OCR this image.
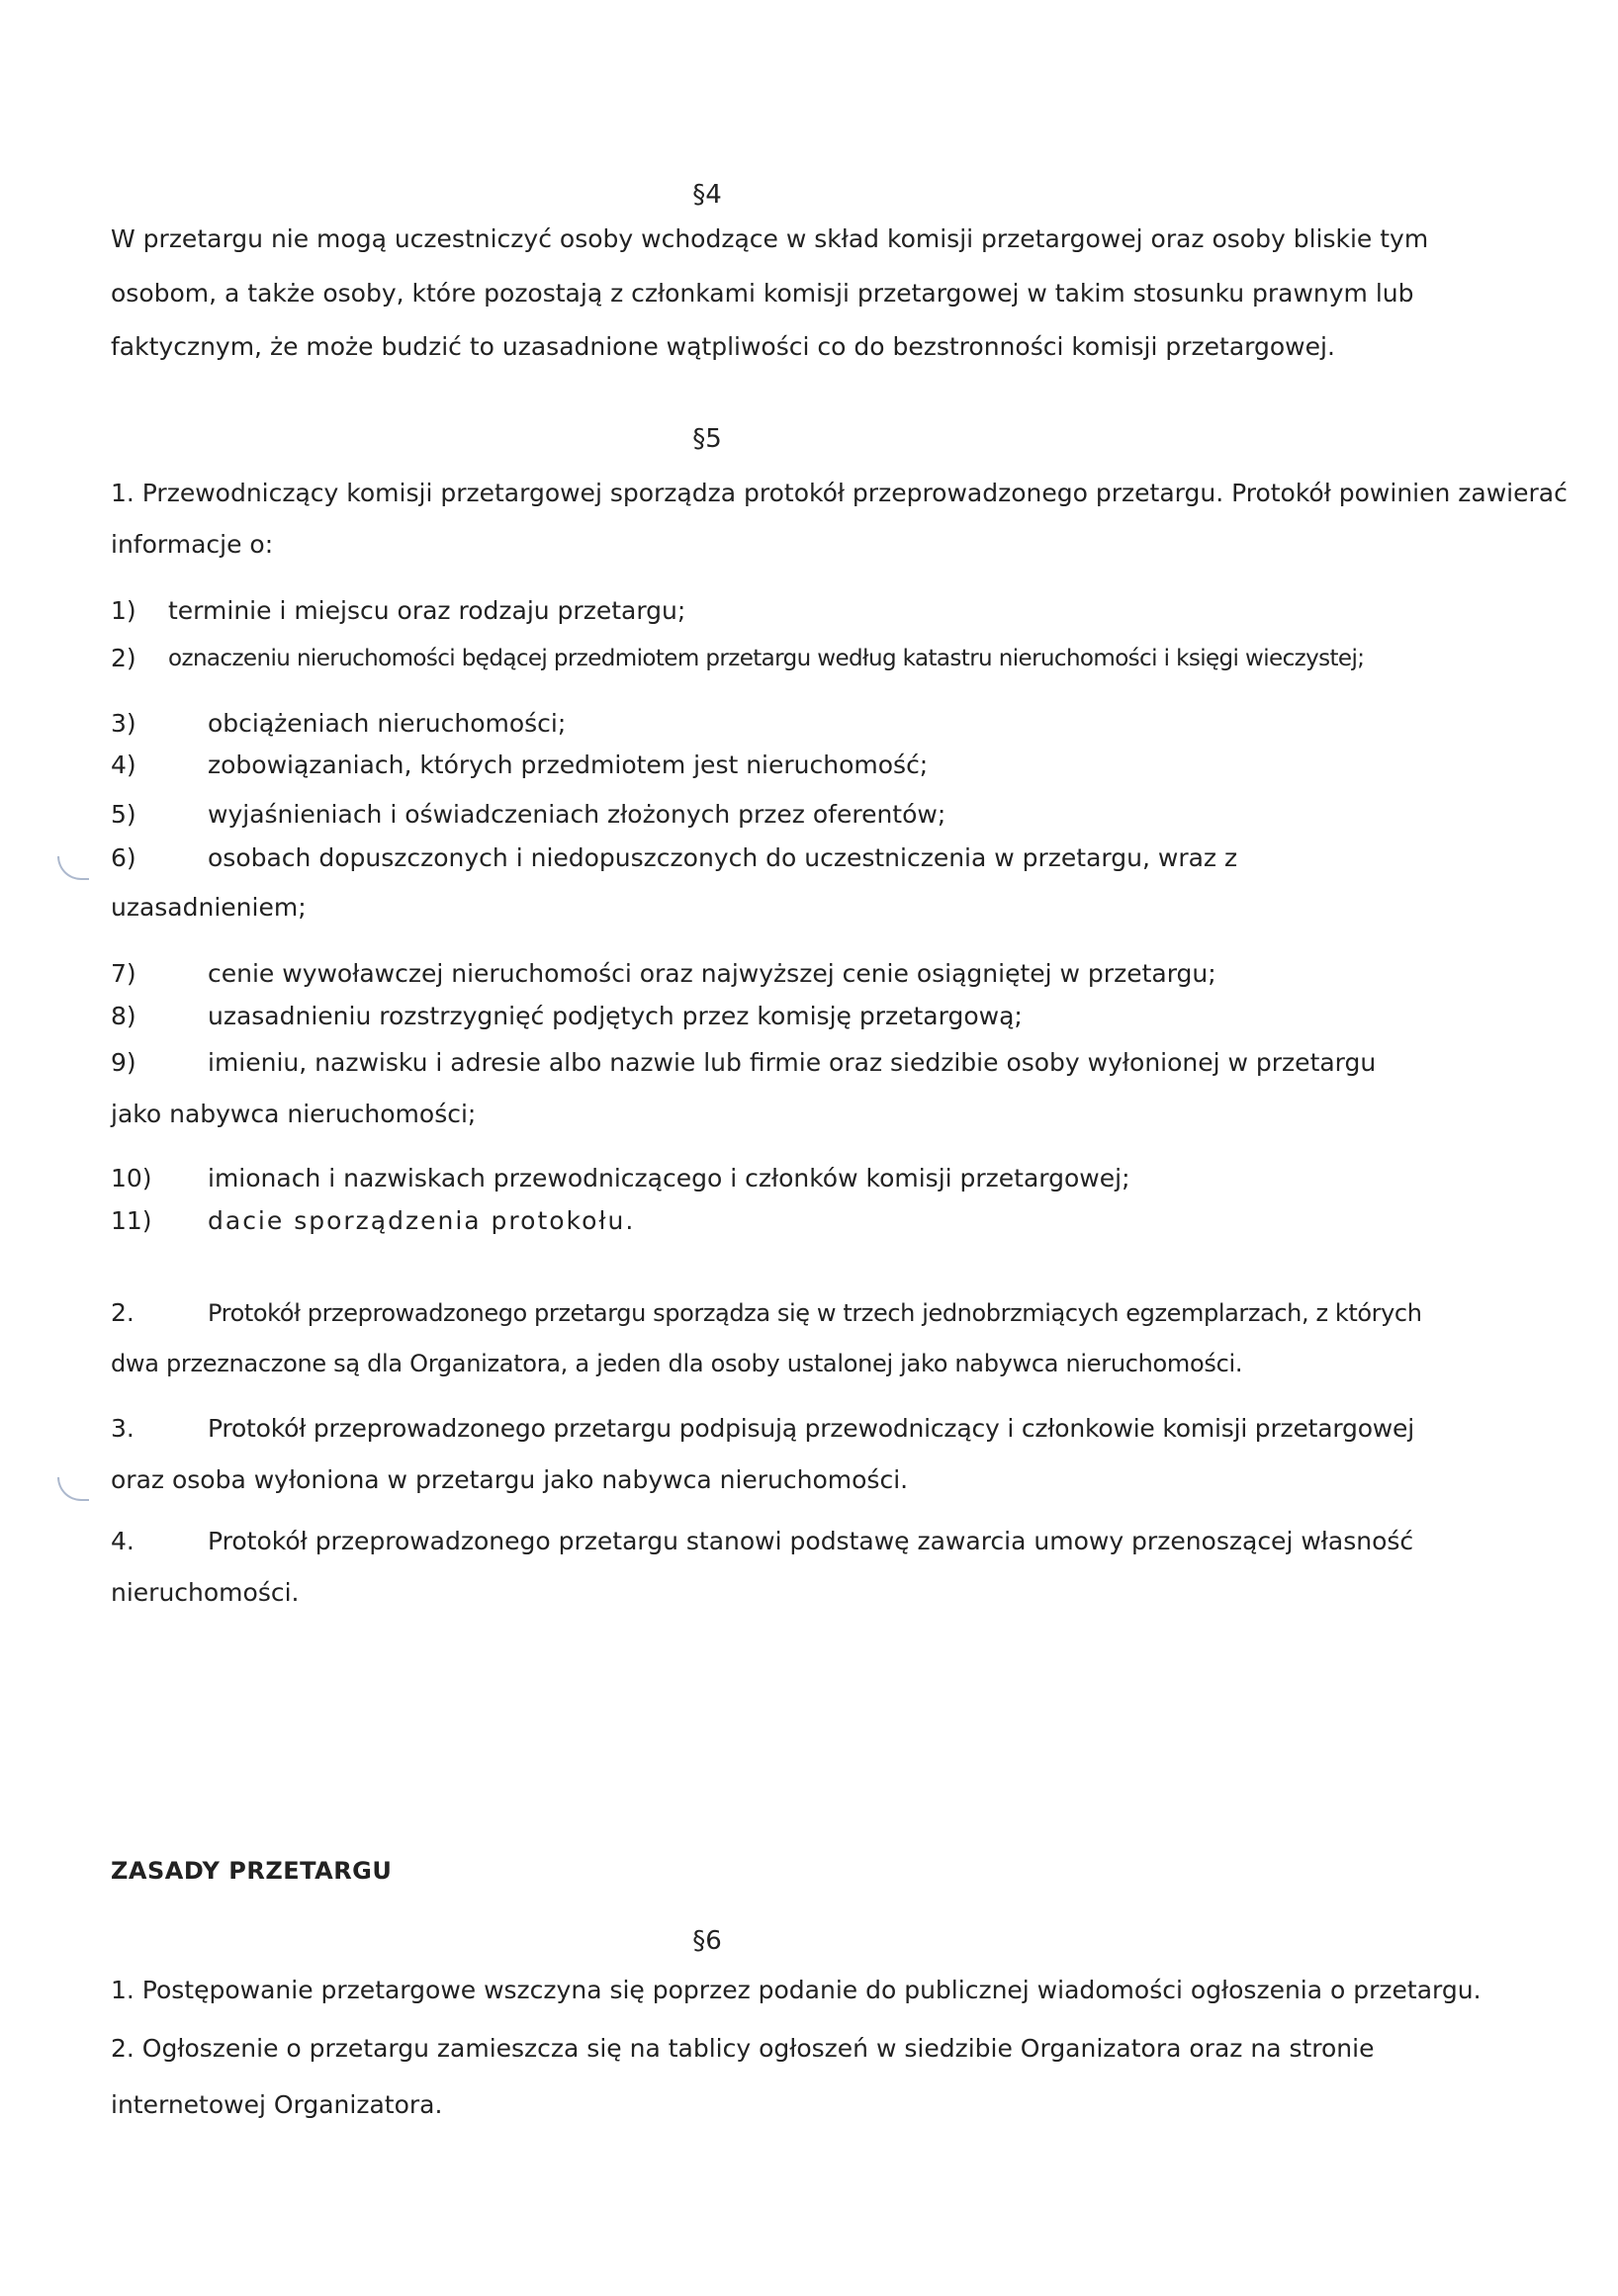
§4

W przetargu nie mogą uczestniczyć osoby wchodzące w skład komisji przetargowej oraz osoby bliskie tym

osobom, a także osoby, które pozostają z członkami komisji przetargowej w takim stosunku prawnym lub

faktycznym, że może budzić to uzasadnione wątpliwości co do bezstronności komisji przetargowej.

§5

1. Przewodniczący komisji przetargowej sporządza protokół przeprowadzonego przetargu. Protokół powinien zawierać

informacje o:

1) terminie i miejscu oraz rodzaju przetargu;

2) oznaczeniu nieruchomości będącej przedmiotem przetargu według katastru nieruchomości i księgi wieczystej;

3)	obciążeniach nieruchomości;

4)	zobowiązaniach, których przedmiotem jest nieruchomość;

5)	wyjaśnieniach i oświadczeniach złożonych przez oferentów;

6)	osobach dopuszczonych i niedopuszczonych do uczestniczenia w przetargu, wraz z

uzasadnieniem;

7)	cenie wywoławczej nieruchomości oraz najwyższej cenie osiągniętej w przetargu;

8)	uzasadnieniu rozstrzygnięć podjętych przez komisję przetargową;

9)	imieniu, nazwisku i adresie albo nazwie lub firmie oraz siedzibie osoby wyłonionej w przetargu

jako nabywca nieruchomości;

10) imionach i nazwiskach przewodniczącego i członków komisji przetargowej;

11) dacie sporządzenia protokołu.

2.	Protokół przeprowadzonego przetargu sporządza się w trzech jednobrzmiących egzemplarzach, z których

dwa przeznaczone są dla Organizatora, a jeden dla osoby ustalonej jako nabywca nieruchomości.

3.	Protokół przeprowadzonego przetargu podpisują przewodniczący i członkowie komisji przetargowej

oraz osoba wyłoniona w przetargu jako nabywca nieruchomości.

4.	Protokół przeprowadzonego przetargu stanowi podstawę zawarcia umowy przenoszącej własność

nieruchomości.

ZASADY PRZETARGU

§6

1. Postępowanie przetargowe wszczyna się poprzez podanie do publicznej wiadomości ogłoszenia o przetargu.

2. Ogłoszenie o przetargu zamieszcza się na tablicy ogłoszeń w siedzibie Organizatora oraz na stronie

internetowej Organizatora.
